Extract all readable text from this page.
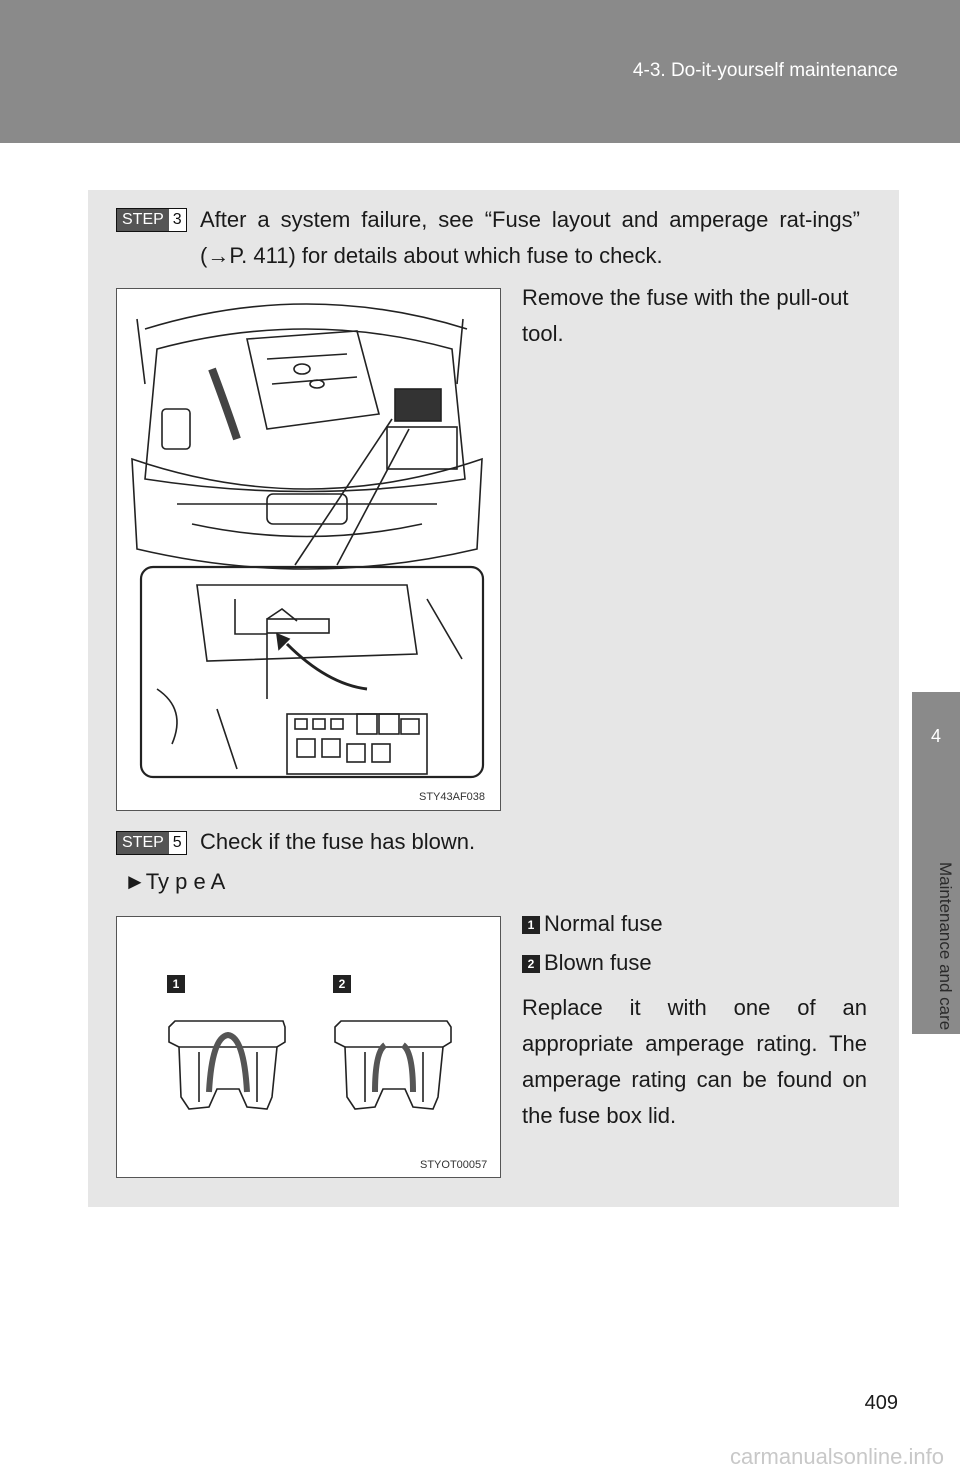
4-3. Do-it-yourself maintenance
4
Maintenance and care
STEP 3 After a system failure, see “Fuse layout and amperage rat-ings” (→P. 411) for details about which fuse to check.
STY43AF038
Remove the fuse with the pull-out tool.
STEP 5 Check if the fuse has blown.
►Ty p e A
1	2
STYOT00057
1 Normal fuse
2 Blown fuse
Replace it with one of an appropriate amperage rating. The amperage rating can be found on the fuse box lid.
409
carmanualsonline.info
